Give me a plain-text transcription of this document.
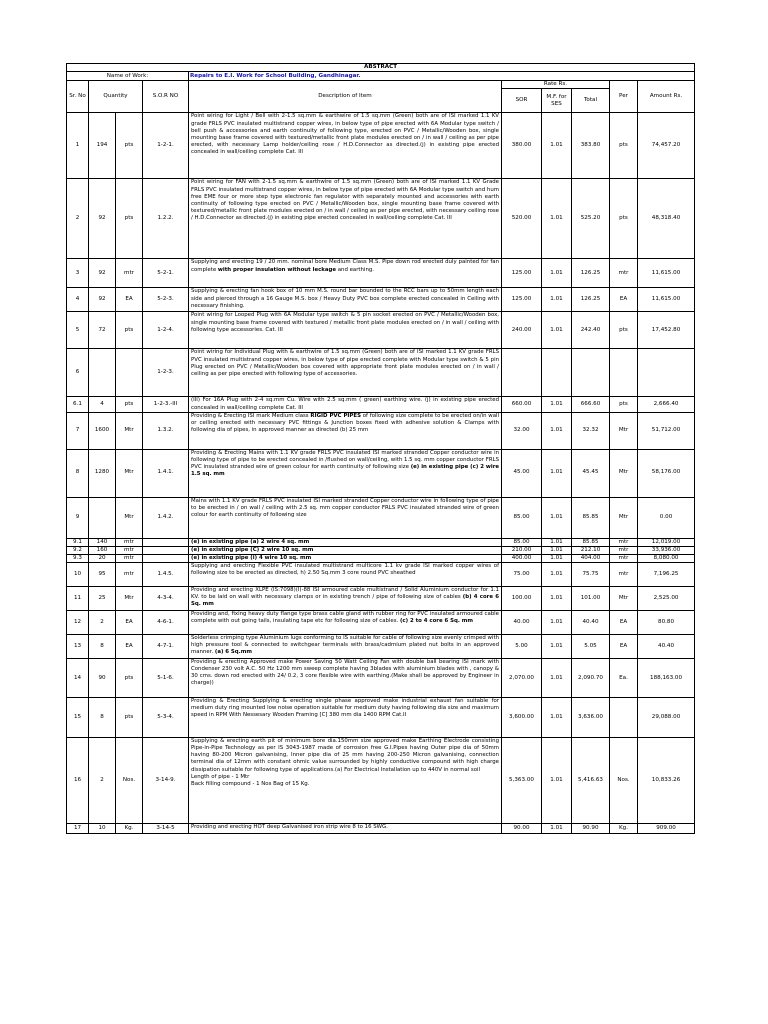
ABSTRACT									
Name of Work:				Repairs to E.I. Work for School Building, Gandhinagar.					
Sr. No	Quantity		S.O.R NO	Description of Item	Rate Rs.			Per	Amount Rs.
					SOR	M.F. for SES	Total		
1	194	pts	1-2-1.	Point wiring for Light / Bell with 2-1.5 sq.mm & earthwire of 1.5 sq.mm (Green) both are of ISI marked 1.1 KV grade FRLS PVC insulated multistrand copper wires, in below type of pipe erected with 6A Modular type switch / bell push & accessories and earth continuity of following type, erected on PVC / Metallic/Wooden box, single mounting base frame covered with textured/metallic front plate modules erected on / in wall / ceiling as per pipe erected, with necessary Lamp holder/ceiling rose / H.D.Connector as directed.(j) in existing pipe erected concealed in wall/ceiling complete Cat. III	380.00	1.01	383.80	pts	74,457.20
2	92	pts	1.2.2.	Point wiring for FAN with 2-1.5 sq.mm & earthwire of 1.5 sq.mm (Green) both are of ISI marked 1.1 KV Grade FRLS PVC insulated multistrand copper wires, in below type of pipe erected with 6A Modular type switch and hum free EME four or more step type electronic fan regulator with separately mounted and accessories with earth continuity of following type erected on PVC / Metallic/Wooden box, single mounting base frame covered with textured/metallic front plate modules erected on / in wall / ceiling as per pipe erected, with necessary ceiling rose / H.D.Connector as directed.(j) in existing pipe erected concealed in wall/ceiling complete Cat. III	520.00	1.01	525.20	pts	48,318.40
3	92	mtr	5-2-1.	Supplying and erecting 19 / 20 mm. nominal bore Medium Class M.S. Pipe down rod erected duly painted for fan complete with proper insulation without leckage and earthing.	125.00	1.01	126.25	mtr	11,615.00
4	92	EA	5-2-3.	Supplying & erecting fan hook box of 10 mm M.S. round bar bounded to the RCC bars up to 50mm length each side and pierced through a 16 Gauge M.S. box / Heavy Duty PVC box complete erected concealed in Ceiling with necessary finishing.	125.00	1.01	126.25	EA	11,615.00
5	72	pts	1-2-4.	Point wiring for Looped Plug with 6A Modular type switch & 5 pin socket erected on PVC / Metallic/Wooden box, single mounting base frame covered with textured / metallic front plate modules erected on / in wall / ceiling with following type accessories. Cat. III	240.00	1.01	242.40	pts	17,452.80
6			1-2-3.	Point wiring for Individual Plug with & earthwire of 1.5 sq.mm (Green) both are of ISI marked 1.1 KV grade FRLS PVC insulated multistrand copper wires, in below type of pipe erected complete with Modular type switch & 5 pin Plug erected on PVC / Metallic/Wooden box covered with appropriate front plate modules erected on / in wall / ceiling as per pipe erected with following type of accessories.					
6.1	4	pts	1-2-3.-III	(III) For 16A Plug with 2-4 sq.mm Cu. Wire with 2.5 sq.mm ( green) earthing wire. (j) in existing pipe erected concealed in wall/ceiling complete Cat. III	660.00	1.01	666.60	pts	2,666.40
7	1600	Mtr	1.3.2.	Providing & Erecting ISI mark Medium class RIGID PVC PIPES of following size complete to be erected on/in wall or ceiling erected with necessary PVC fittings & Junction boxes fixed with adhesive solution & Clamps with following dia of pipes, in approved manner as directed (b) 25 mm	32.00	1.01	32.32	Mtr	51,712.00
8	1280	Mtr	1.4.1.	Providing & Erecting Mains with 1.1 KV grade FRLS PVC insulated ISI marked stranded Copper conductor wire in following type of pipe to be erected concealed in /flushed on wall/ceiling, with 1.5 sq. mm copper conductor FRLS PVC insulated stranded wire of green colour for earth continuity of following size (e) in existing pipe (c) 2 wire 1.5 sq. mm	45.00	1.01	45.45	Mtr	58,176.00
9		Mtr	1.4.2.	Mains with 1.1 KV grade FRLS PVC insulated ISI marked stranded Copper conductor wire in following type of pipe to be erected in / on wall / ceiling with 2.5 sq. mm copper conductor FRLS PVC insulated stranded wire of green colour for earth continuity of following size	85.00	1.01	85.85	Mtr	0.00
9.1	140	mtr		(e) in existing pipe (a) 2 wire 4 sq. mm	85.00	1.01	85.85	mtr	12,019.00
9.2	160	mtr		(e) in existing pipe (C) 2 wire 10 sq. mm	210.00	1.01	212.10	mtr	33,936.00
9.3	20	mtr		(e) in existing pipe (i) 4 wire 10 sq. mm	400.00	1.01	404.00	mtr	8,080.00
10	95	mtr	1.4.5.	Supplying and erecting Flexible PVC insulated multistrand multicore 1.1 kv grade ISI marked copper wires of following size to be erected as directed, h) 2.50 Sq.mm 3 core round PVC sheathed	75.00	1.01	75.75	mtr	7,196.25
11	25	Mtr	4-3-4.	Providing and erecting XLPE (IS:7098)(I)-88 ISI armoured cable multistrand / Solid Aluminium conductor for 1.1 KV. to be laid on wall with necessary clamps or in existing trench / pipe of following size of cables (b) 4 core 6 Sq. mm	100.00	1.01	101.00	Mtr	2,525.00
12	2	EA	4-6-1.	Providing and, fixing heavy duty flange type brass cable gland with rubber ring for PVC insulated armoured cable complete with out going tails, insulating tape etc for following size of cables. (c) 2 to 4 core 6 Sq. mm	40.00	1.01	40.40	EA	80.80
13	8	EA	4-7-1.	Solderless crimping type Aluminium lugs conforming to IS suitable for cable of following size evenly crimped with high pressure tool & connected to switchgear terminals with brass/cadmium plated nut bolts in an approved manner. (a) 6 Sq.mm	5.00	1.01	5.05	EA	40.40
14	90	pts	5-1-6.	Providing & erecting Approved make Power Saving 50 Watt Ceiling Fan with double ball bearing ISI mark with Condenser 230 volt A.C. 50 Hz 1200 mm sweep complete having 3blades with aluminium blades with , canopy & 30 cms. down rod erected with 24/ 0.2, 3 core flexible wire with earthing.(Make shall be approved by Engineer in charge))	2,070.00	1.01	2,090.70	Ea.	188,163.00
15	8	pts	5-3-4.	Providing & Erecting Supplying & erecting single phase approved make industrial exhaust fan suitable for medium duty ring mounted low noise operation suitable for medium duty having following dia size and maximum speed in RPM With Nessesary Wooden Framing [C] 380 mm dia 1400 RPM Cat.II	3,600.00	1.01	3,636.00		29,088.00
16	2	Nos.	3-14-9.	Supplying & erecting earth pit of minimum bore dia.150mm size approved make Earthing Electrode consisting Pipe-in-Pipe Technology as per IS 3043-1987 made of corrosion free G.I.Pipes having Outer pipe dia of 50mm having 80-200 Micron galvanising, Inner pipe dia of 25 mm having 200-250 Micron galvanising, connection terminal dia of 12mm with constant ohmic value surrounded by highly conductive compound with high charge dissipation suitable for following type of applications.(a) For Electrical Installation up to 440V in normal soil
Length of pipe - 1 Mtr
Back filling compound - 1 Nos Bag of 15 Kg.	5,363.00	1.01	5,416.63	Nos.	10,833.26
17	10	Kg.	3-14-5	Providing and erecting HOT deep Galvanised iron strip wire 8 to 16 SWG.	90.00	1.01	90.90	Kg.	909.00
